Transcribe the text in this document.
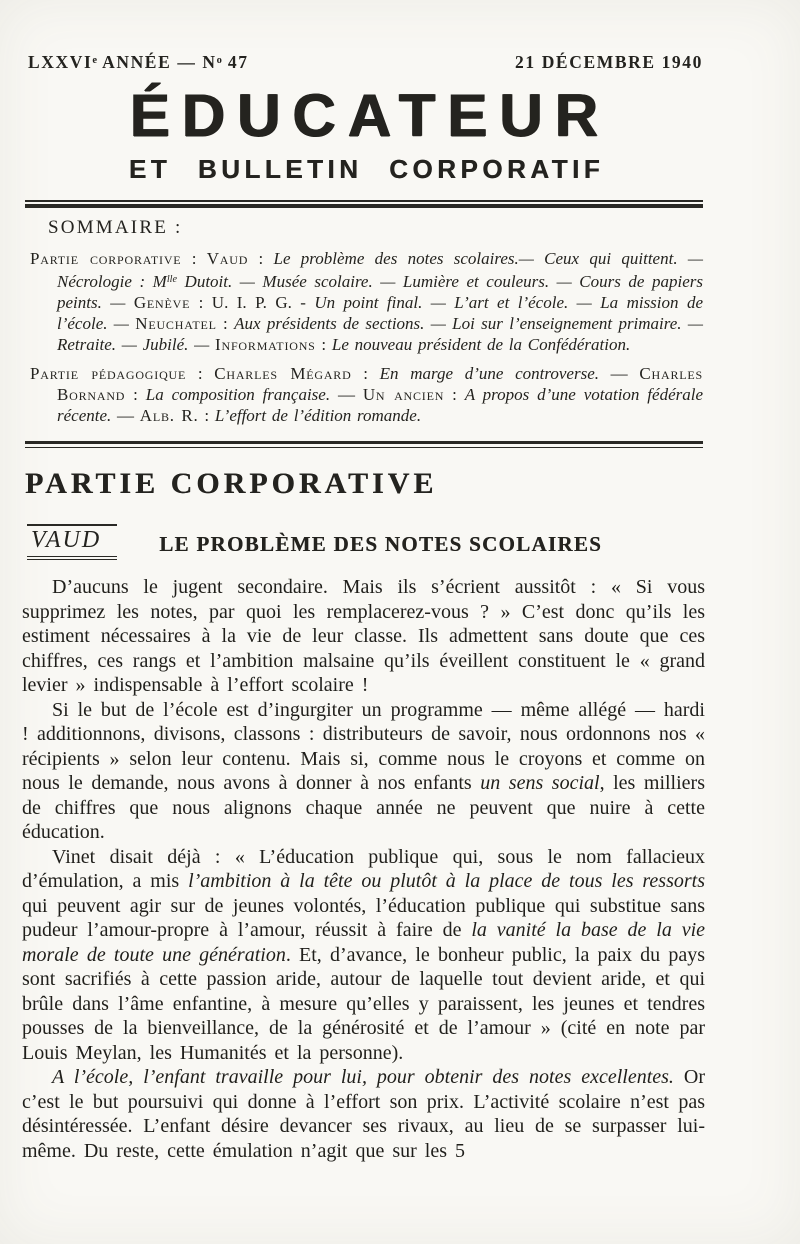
LXXVIe ANNÉE — $N^o$ 47	21 DÉCEMBRE 1940
ÉDUCATEUR
ET BULLETIN CORPORATIF
SOMMAIRE :

Partie corporative : Vaud : Le problème des notes scolaires.— Ceux qui quittent. — Nécrologie : $M^{lle}$ Dutoit. — Musée scolaire. — Lumière et couleurs. — Cours de papiers peints. — Genève : U. I. P. G. - Un point final. — L’art et l’école. — La mission de l’école. — Neuchatel : Aux présidents de sections. — Loi sur l’enseignement primaire. — Retraite. — Jubilé. — Informations : Le nouveau président de la Confédération.

Partie pédagogique : Charles Mégard : En marge d’une controverse. — Charles Bornand : La composition française. — Un ancien : A propos d’une votation fédérale récente. — Alb. R. : L’effort de l’édition romande.

PARTIE CORPORATIVE
VAUD	LE PROBLÈME DES NOTES SCOLAIRES

D’aucuns le jugent secondaire. Mais ils s’écrient aussitôt : « Si vous supprimez les notes, par quoi les remplacerez-vous ? » C’est donc qu’ils les estiment nécessaires à la vie de leur classe. Ils admettent sans doute que ces chiffres, ces rangs et l’ambition malsaine qu’ils éveillent constituent le « grand levier » indispensable à l’effort scolaire !

Si le but de l’école est d’ingurgiter un programme — même allégé — hardi ! additionnons, divisons, classons : distributeurs de savoir, nous ordonnons nos « récipients » selon leur contenu. Mais si, comme nous le croyons et comme on nous le demande, nous avons à donner à nos enfants un sens social, les milliers de chiffres que nous alignons chaque année ne peuvent que nuire à cette éducation.

Vinet disait déjà : « L’éducation publique qui, sous le nom fallacieux d’émulation, a mis l’ambition à la tête ou plutôt à la place de tous les ressorts qui peuvent agir sur de jeunes volontés, l’éducation publique qui substitue sans pudeur l’amour-propre à l’amour, réussit à faire de la vanité la base de la vie morale de toute une génération. Et, d’avance, le bonheur public, la paix du pays sont sacrifiés à cette passion aride, autour de laquelle tout devient aride, et qui brûle dans l’âme enfantine, à mesure qu’elles y paraissent, les jeunes et tendres pousses de la bienveillance, de la générosité et de l’amour » (cité en note par Louis Meylan, les Humanités et la personne).

A l’école, l’enfant travaille pour lui, pour obtenir des notes excellentes. Or c’est le but poursuivi qui donne à l’effort son prix. L’activité scolaire n’est pas désintéressée. L’enfant désire devancer ses rivaux, au lieu de se surpasser lui-même. Du reste, cette émulation n’agit que sur les 5
